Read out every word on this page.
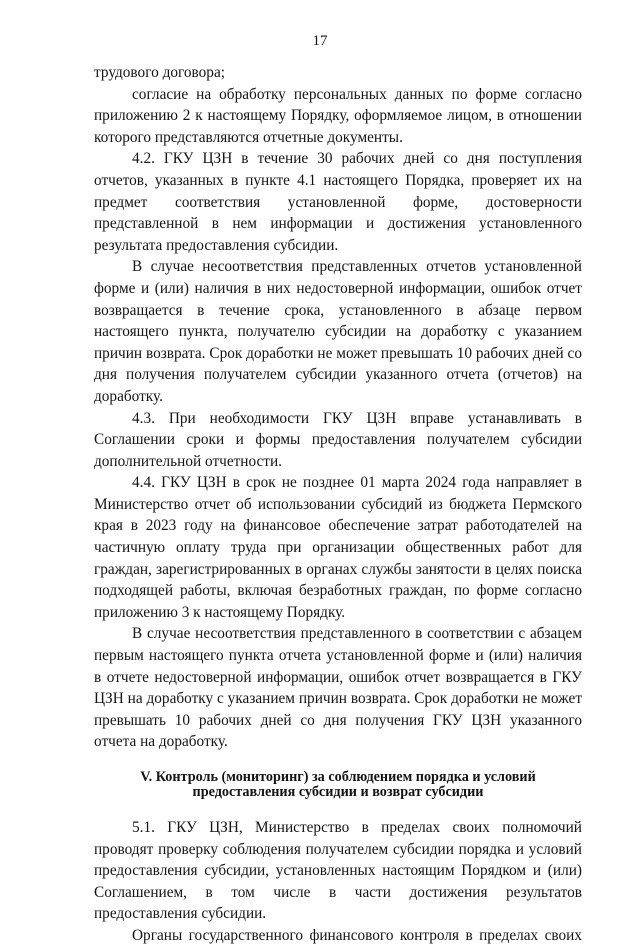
17

трудового договора;

согласие на обработку персональных данных по форме согласно приложению 2 к настоящему Порядку, оформляемое лицом, в отношении которого представляются отчетные документы.

4.2. ГКУ ЦЗН в течение 30 рабочих дней со дня поступления отчетов, указанных в пункте 4.1 настоящего Порядка, проверяет их на предмет соответствия установленной форме, достоверности представленной в нем информации и достижения установленного результата предоставления субсидии.

В случае несоответствия представленных отчетов установленной форме и (или) наличия в них недостоверной информации, ошибок отчет возвращается в течение срока, установленного в абзаце первом настоящего пункта, получателю субсидии на доработку с указанием причин возврата. Срок доработки не может превышать 10 рабочих дней со дня получения получателем субсидии указанного отчета (отчетов) на доработку.

4.3. При необходимости ГКУ ЦЗН вправе устанавливать в Соглашении сроки и формы предоставления получателем субсидии дополнительной отчетности.

4.4. ГКУ ЦЗН в срок не позднее 01 марта 2024 года направляет в Министерство отчет об использовании субсидий из бюджета Пермского края в 2023 году на финансовое обеспечение затрат работодателей на частичную оплату труда при организации общественных работ для граждан, зарегистрированных в органах службы занятости в целях поиска подходящей работы, включая безработных граждан, по форме согласно приложению 3 к настоящему Порядку.

В случае несоответствия представленного в соответствии с абзацем первым настоящего пункта отчета установленной форме и (или) наличия в отчете недостоверной информации, ошибок отчет возвращается в ГКУ ЦЗН на доработку с указанием причин возврата. Срок доработки не может превышать 10 рабочих дней со дня получения ГКУ ЦЗН указанного отчета на доработку.

V. Контроль (мониторинг) за соблюдением порядка и условий
предоставления субсидии и возврат субсидии

5.1. ГКУ ЦЗН, Министерство в пределах своих полномочий проводят проверку соблюдения получателем субсидии порядка и условий предоставления субсидии, установленных настоящим Порядком и (или) Соглашением, в том числе в части достижения результатов предоставления субсидии.

Органы государственного финансового контроля в пределах своих
